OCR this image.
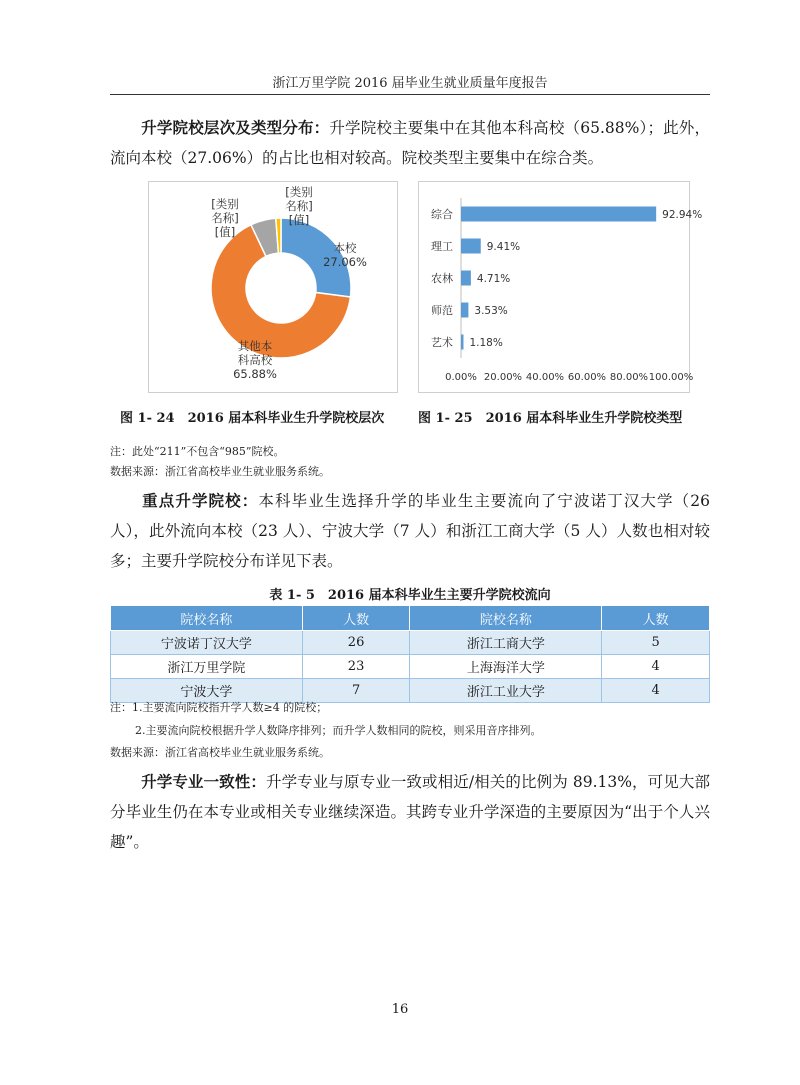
浙江万里学院 2016 届毕业生就业质量年度报告
  升学院校层次及类型分布：升学院校主要集中在其他本科高校（65.88%）；此外，流向本校（27.06%）的占比也相对较高。院校类型主要集中在综合类。
本校 27.06%
其他本科高校 65.88%
[类别名称] [值]
[类别名称] [值]	综合	92.94%
理工	9.41%
农林 4.71%
师范 3.53%
艺术 1.18%
0.00% 20.00% 40.00% 60.00% 80.00% 100.00%
图 1- 24　2016 届本科毕业生升学院校层次	图 1- 25　2016 届本科毕业生升学院校类型
注：此处“211”不包含“985”院校。
数据来源：浙江省高校毕业生就业服务系统。
  重点升学院校：本科毕业生选择升学的毕业生主要流向了宁波诺丁汉大学（26人），此外流向本校（23 人）、宁波大学（7 人）和浙江工商大学（5 人）人数也相对较多；主要升学院校分布详见下表。
表 1- 5　2016 届本科毕业生主要升学院校流向
院校名称	人数	院校名称	人数
宁波诺丁汉大学	26	浙江工商大学	5
浙江万里学院	23	上海海洋大学	4
宁波大学	7	浙江工业大学	4
注：1.主要流向院校指升学人数≥4 的院校；
2.主要流向院校根据升学人数降序排列；而升学人数相同的院校，则采用音序排列。
数据来源：浙江省高校毕业生就业服务系统。
  升学专业一致性：升学专业与原专业一致或相近/相关的比例为 89.13%，可见大部分毕业生仍在本专业或相关专业继续深造。其跨专业升学深造的主要原因为“出于个人兴趣”。
16
